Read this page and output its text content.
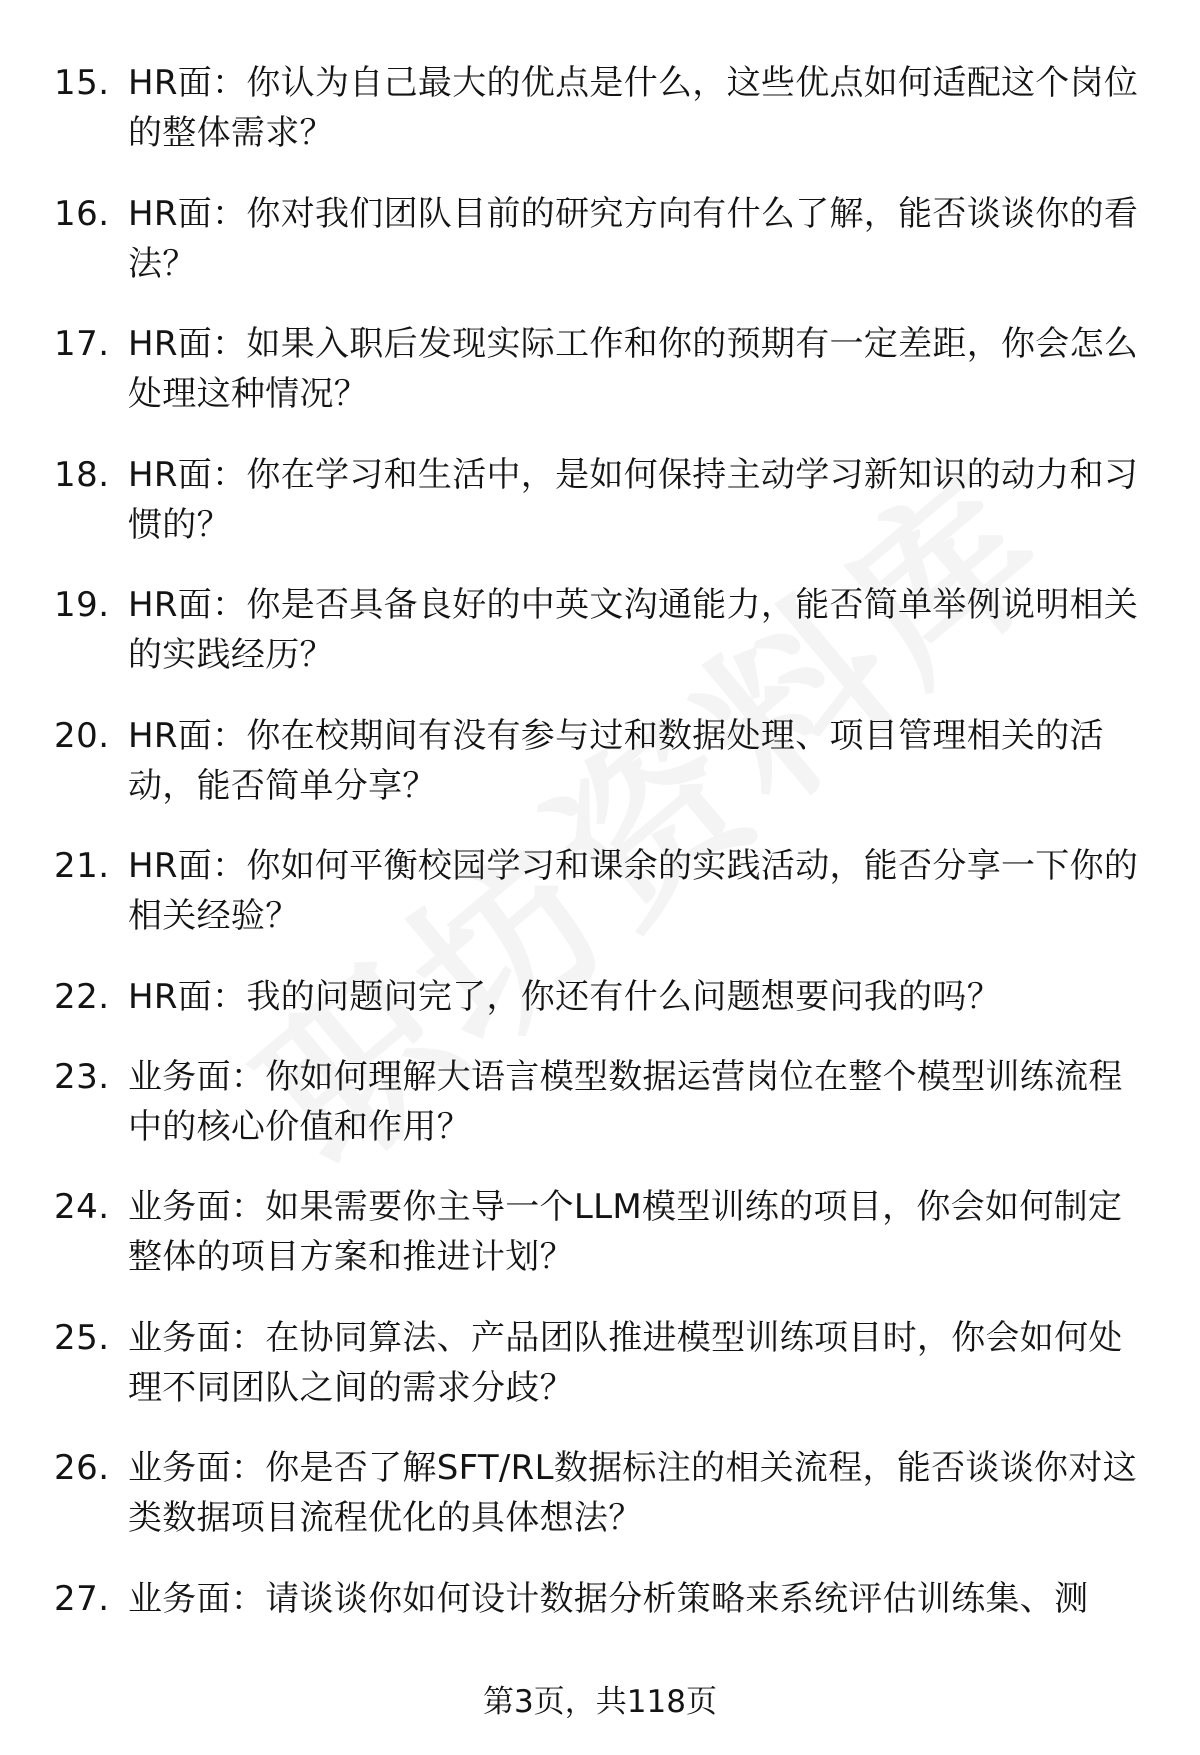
15. HR面：你认为自己最大的优点是什么，这些优点如何适配这个岗位的整体需求？
16. HR面：你对我们团队目前的研究方向有什么了解，能否谈谈你的看法？
17. HR面：如果入职后发现实际工作和你的预期有一定差距，你会怎么处理这种情况？
18. HR面：你在学习和生活中，是如何保持主动学习新知识的动力和习惯的？
19. HR面：你是否具备良好的中英文沟通能力，能否简单举例说明相关的实践经历？
20. HR面：你在校期间有没有参与过和数据处理、项目管理相关的活动，能否简单分享？
21. HR面：你如何平衡校园学习和课余的实践活动，能否分享一下你的相关经验？
22. HR面：我的问题问完了，你还有什么问题想要问我的吗？
23. 业务面：你如何理解大语言模型数据运营岗位在整个模型训练流程中的核心价值和作用？
24. 业务面：如果需要你主导一个LLM模型训练的项目，你会如何制定整体的项目方案和推进计划？
25. 业务面：在协同算法、产品团队推进模型训练项目时，你会如何处理不同团队之间的需求分歧？
26. 业务面：你是否了解SFT/RL数据标注的相关流程，能否谈谈你对这类数据项目流程优化的具体想法？
27. 业务面：请谈谈你如何设计数据分析策略来系统评估训练集、测
第3页，共118页
